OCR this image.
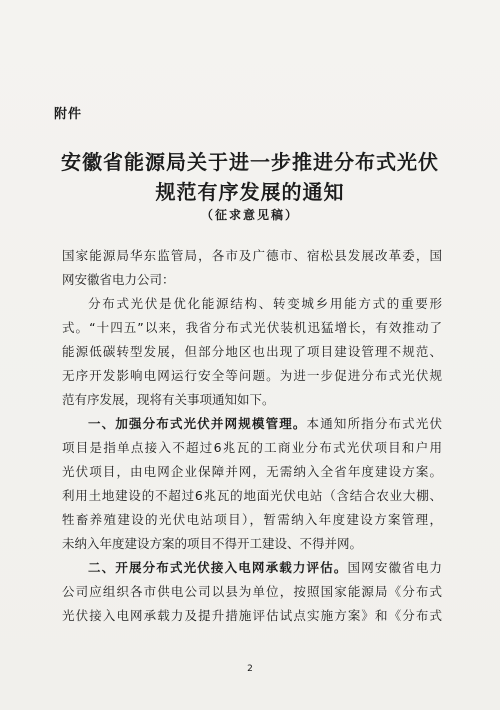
附件
安徽省能源局关于进一步推进分布式光伏
规范有序发展的通知
（征求意见稿）
国家能源局华东监管局，各市及广德市、宿松县发展改革委，国
网安徽省电力公司：
分布式光伏是优化能源结构、转变城乡用能方式的重要形
式。“十四五”以来，我省分布式光伏装机迅猛增长，有效推动了
能源低碳转型发展，但部分地区也出现了项目建设管理不规范、
无序开发影响电网运行安全等问题。为进一步促进分布式光伏规
范有序发展，现将有关事项通知如下。
一、加强分布式光伏并网规模管理。本通知所指分布式光伏
项目是指单点接入不超过6兆瓦的工商业分布式光伏项目和户用
光伏项目，由电网企业保障并网，无需纳入全省年度建设方案。
利用土地建设的不超过6兆瓦的地面光伏电站（含结合农业大棚、
牲畜养殖建设的光伏电站项目），暂需纳入年度建设方案管理，
未纳入年度建设方案的项目不得开工建设、不得并网。
二、开展分布式光伏接入电网承载力评估。国网安徽省电力
公司应组织各市供电公司以县为单位，按照国家能源局《分布式
光伏接入电网承载力及提升措施评估试点实施方案》和《分布式
2
